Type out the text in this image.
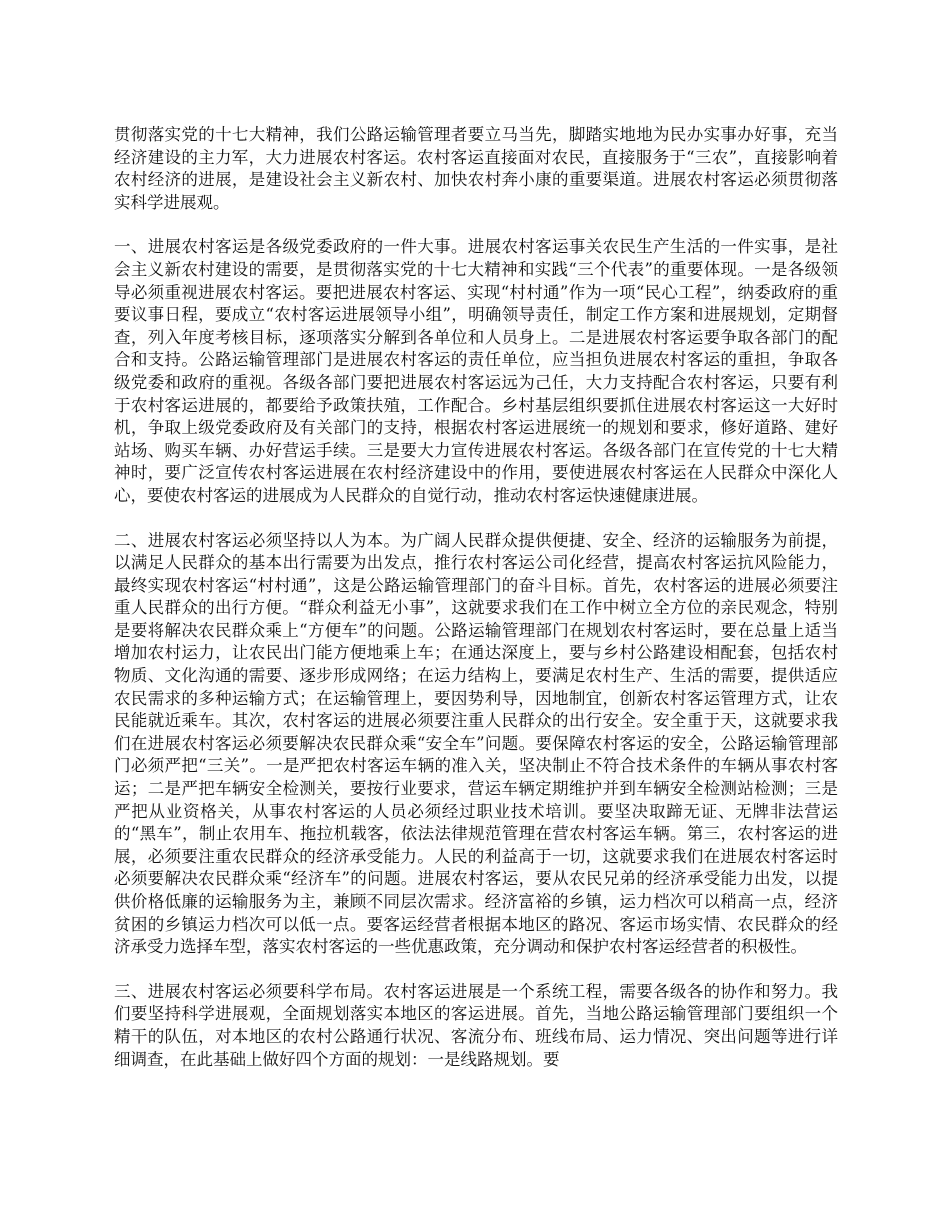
贯彻落实党的十七大精神，我们公路运输管理者要立马当先，脚踏实地地为民办实事办好事，充当经济建设的主力军，大力进展农村客运。农村客运直接面对农民，直接服务于“三农”，直接影响着农村经济的进展，是建设社会主义新农村、加快农村奔小康的重要渠道。进展农村客运必须贯彻落实科学进展观。

一、进展农村客运是各级党委政府的一件大事。进展农村客运事关农民生产生活的一件实事，是社会主义新农村建设的需要，是贯彻落实党的十七大精神和实践“三个代表”的重要体现。一是各级领导必须重视进展农村客运。要把进展农村客运、实现“村村通”作为一项“民心工程”，纳委政府的重要议事日程，要成立“农村客运进展领导小组”，明确领导责任，制定工作方案和进展规划，定期督查，列入年度考核目标，逐项落实分解到各单位和人员身上。二是进展农村客运要争取各部门的配合和支持。公路运输管理部门是进展农村客运的责任单位，应当担负进展农村客运的重担，争取各级党委和政府的重视。各级各部门要把进展农村客运远为己任，大力支持配合农村客运，只要有利于农村客运进展的，都要给予政策扶殖，工作配合。乡村基层组织要抓住进展农村客运这一大好时机，争取上级党委政府及有关部门的支持，根据农村客运进展统一的规划和要求，修好道路、建好站场、购买车辆、办好营运手续。三是要大力宣传进展农村客运。各级各部门在宣传党的十七大精神时，要广泛宣传农村客运进展在农村经济建设中的作用，要使进展农村客运在人民群众中深化人心，要使农村客运的进展成为人民群众的自觉行动，推动农村客运快速健康进展。

二、进展农村客运必须坚持以人为本。为广阔人民群众提供便捷、安全、经济的运输服务为前提，以满足人民群众的基本出行需要为出发点，推行农村客运公司化经营，提高农村客运抗风险能力，最终实现农村客运“村村通”，这是公路运输管理部门的奋斗目标。首先，农村客运的进展必须要注重人民群众的出行方便。“群众利益无小事”，这就要求我们在工作中树立全方位的亲民观念，特别是要将解决农民群众乘上“方便车”的问题。公路运输管理部门在规划农村客运时，要在总量上适当增加农村运力，让农民出门能方便地乘上车；在通达深度上，要与乡村公路建设相配套，包括农村物质、文化沟通的需要、逐步形成网络；在运力结构上，要满足农村生产、生活的需要，提供适应农民需求的多种运输方式；在运输管理上，要因势利导，因地制宜，创新农村客运管理方式，让农民能就近乘车。其次，农村客运的进展必须要注重人民群众的出行安全。安全重于天，这就要求我们在进展农村客运必须要解决农民群众乘“安全车”问题。要保障农村客运的安全，公路运输管理部门必须严把“三关”。一是严把农村客运车辆的准入关，坚决制止不符合技术条件的车辆从事农村客运；二是严把车辆安全检测关，要按行业要求，营运车辆定期维护并到车辆安全检测站检测；三是严把从业资格关，从事农村客运的人员必须经过职业技术培训。要坚决取蹄无证、无牌非法营运的“黑车”，制止农用车、拖拉机载客，依法法律规范管理在营农村客运车辆。第三，农村客运的进展，必须要注重农民群众的经济承受能力。人民的利益高于一切，这就要求我们在进展农村客运时必须要解决农民群众乘“经济车”的问题。进展农村客运，要从农民兄弟的经济承受能力出发，以提供价格低廉的运输服务为主，兼顾不同层次需求。经济富裕的乡镇，运力档次可以稍高一点，经济贫困的乡镇运力档次可以低一点。要客运经营者根据本地区的路况、客运市场实情、农民群众的经济承受力选择车型，落实农村客运的一些优惠政策，充分调动和保护农村客运经营者的积极性。

三、进展农村客运必须要科学布局。农村客运进展是一个系统工程，需要各级各的协作和努力。我们要坚持科学进展观，全面规划落实本地区的客运进展。首先，当地公路运输管理部门要组织一个精干的队伍，对本地区的农村公路通行状况、客流分布、班线布局、运力情况、突出问题等进行详细调查，在此基础上做好四个方面的规划：一是线路规划。要
